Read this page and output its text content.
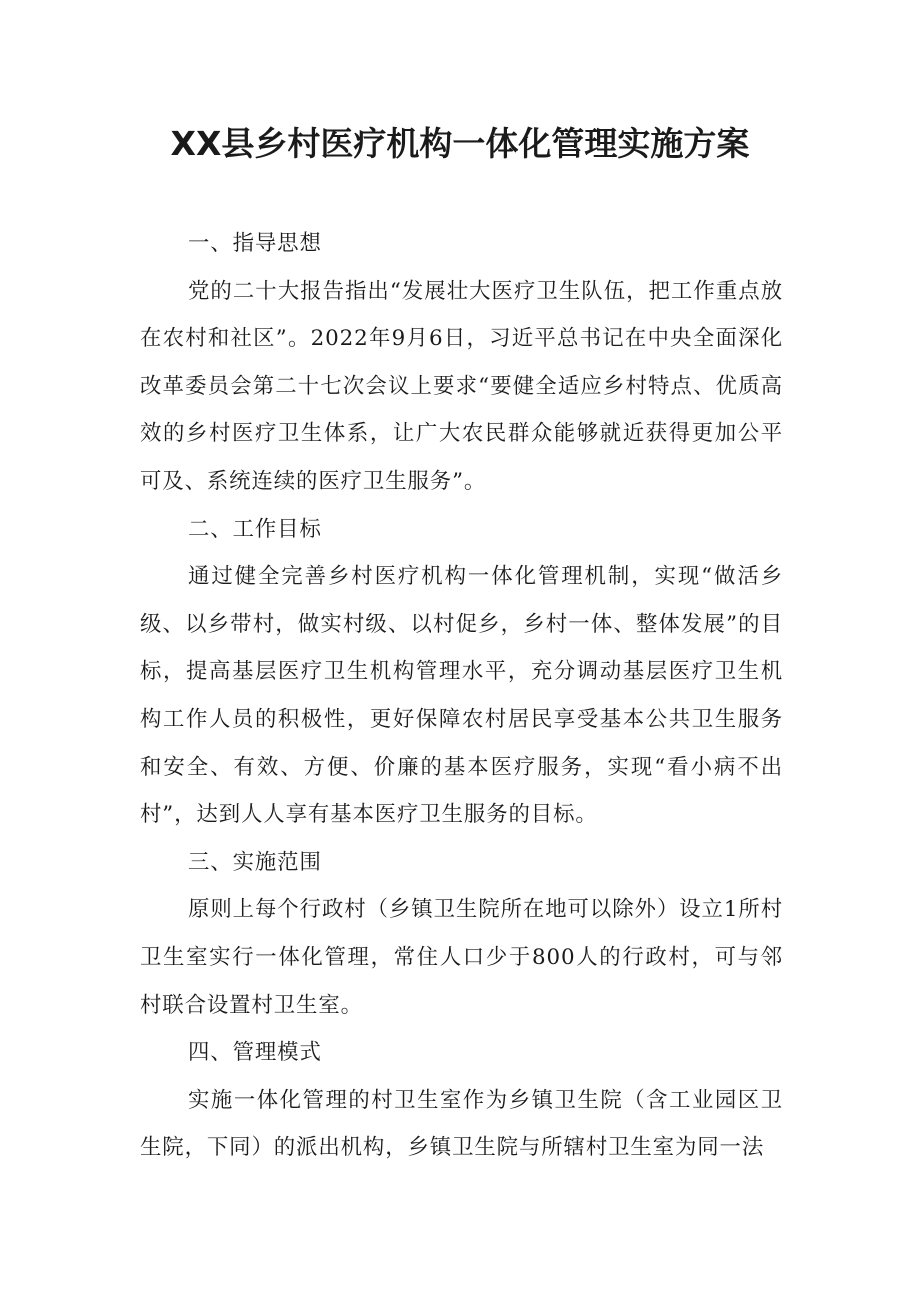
XX县乡村医疗机构一体化管理实施方案

一、指导思想

党的二十大报告指出“发展壮大医疗卫生队伍，把工作重点放在农村和社区”。2022年9月6日，习近平总书记在中央全面深化改革委员会第二十七次会议上要求“要健全适应乡村特点、优质高效的乡村医疗卫生体系，让广大农民群众能够就近获得更加公平可及、系统连续的医疗卫生服务”。

二、工作目标

通过健全完善乡村医疗机构一体化管理机制，实现“做活乡级、以乡带村，做实村级、以村促乡，乡村一体、整体发展”的目标，提高基层医疗卫生机构管理水平，充分调动基层医疗卫生机构工作人员的积极性，更好保障农村居民享受基本公共卫生服务和安全、有效、方便、价廉的基本医疗服务，实现“看小病不出村”，达到人人享有基本医疗卫生服务的目标。

三、实施范围

原则上每个行政村（乡镇卫生院所在地可以除外）设立1所村卫生室实行一体化管理，常住人口少于800人的行政村，可与邻村联合设置村卫生室。

四、管理模式

实施一体化管理的村卫生室作为乡镇卫生院（含工业园区卫生院，下同）的派出机构，乡镇卫生院与所辖村卫生室为同一法
